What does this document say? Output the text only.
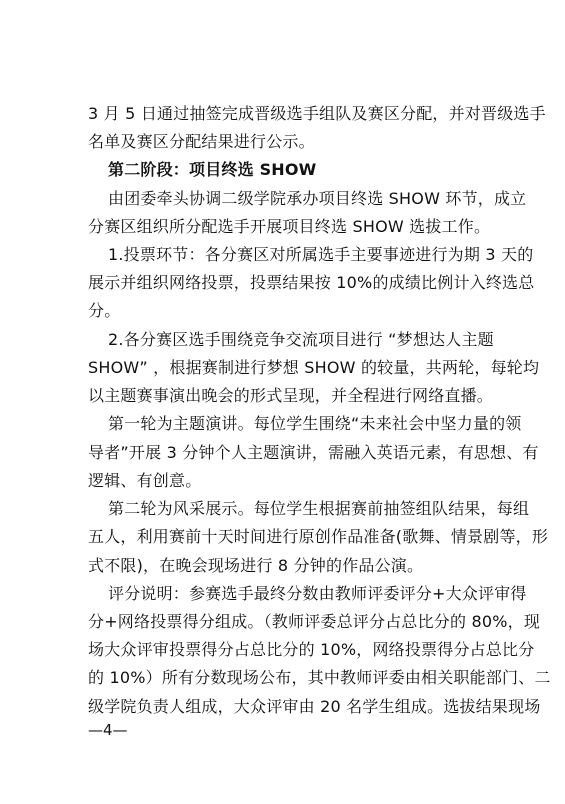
3 月 5 日通过抽签完成晋级选手组队及赛区分配，并对晋级选手
名单及赛区分配结果进行公示。
第二阶段：项目终选 SHOW
由团委牵头协调二级学院承办项目终选 SHOW 环节，成立
分赛区组织所分配选手开展项目终选 SHOW 选拔工作。
1.投票环节：各分赛区对所属选手主要事迹进行为期 3 天的
展示并组织网络投票，投票结果按 10%的成绩比例计入终选总
分。
2.各分赛区选手围绕竞争交流项目进行 “梦想达人主题
SHOW” ，根据赛制进行梦想 SHOW 的较量，共两轮，每轮均
以主题赛事演出晚会的形式呈现，并全程进行网络直播。
第一轮为主题演讲。每位学生围绕“未来社会中坚力量的领
导者”开展 3 分钟个人主题演讲，需融入英语元素，有思想、有
逻辑、有创意。
第二轮为风采展示。每位学生根据赛前抽签组队结果，每组
五人，利用赛前十天时间进行原创作品准备(歌舞、情景剧等，形
式不限)，在晚会现场进行 8 分钟的作品公演。
评分说明：参赛选手最终分数由教师评委评分+大众评审得
分+网络投票得分组成。（教师评委总评分占总比分的 80%，现
场大众评审投票得分占总比分的 10%，网络投票得分占总比分
的 10%）所有分数现场公布，其中教师评委由相关职能部门、二
级学院负责人组成，大众评审由 20 名学生组成。选拔结果现场
—4—
